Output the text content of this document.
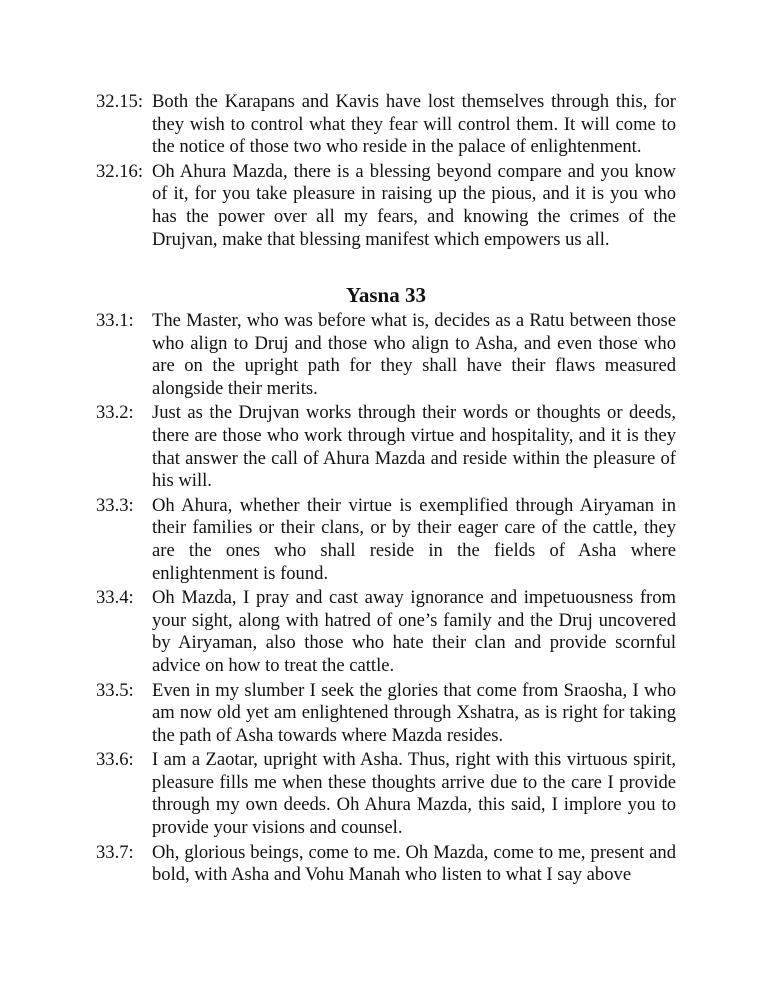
32.15: Both the Karapans and Kavis have lost themselves through this, for they wish to control what they fear will control them. It will come to the notice of those two who reside in the palace of enlightenment.
32.16: Oh Ahura Mazda, there is a blessing beyond compare and you know of it, for you take pleasure in raising up the pious, and it is you who has the power over all my fears, and knowing the crimes of the Drujvan, make that blessing manifest which empowers us all.
Yasna 33
33.1: The Master, who was before what is, decides as a Ratu between those who align to Druj and those who align to Asha, and even those who are on the upright path for they shall have their flaws measured alongside their merits.
33.2: Just as the Drujvan works through their words or thoughts or deeds, there are those who work through virtue and hospitality, and it is they that answer the call of Ahura Mazda and reside within the pleasure of his will.
33.3: Oh Ahura, whether their virtue is exemplified through Airyaman in their families or their clans, or by their eager care of the cattle, they are the ones who shall reside in the fields of Asha where enlightenment is found.
33.4: Oh Mazda, I pray and cast away ignorance and impetuousness from your sight, along with hatred of one’s family and the Druj uncovered by Airyaman, also those who hate their clan and provide scornful advice on how to treat the cattle.
33.5: Even in my slumber I seek the glories that come from Sraosha, I who am now old yet am enlightened through Xshatra, as is right for taking the path of Asha towards where Mazda resides.
33.6: I am a Zaotar, upright with Asha. Thus, right with this virtuous spirit, pleasure fills me when these thoughts arrive due to the care I provide through my own deeds. Oh Ahura Mazda, this said, I implore you to provide your visions and counsel.
33.7: Oh, glorious beings, come to me. Oh Mazda, come to me, present and bold, with Asha and Vohu Manah who listen to what I say above
